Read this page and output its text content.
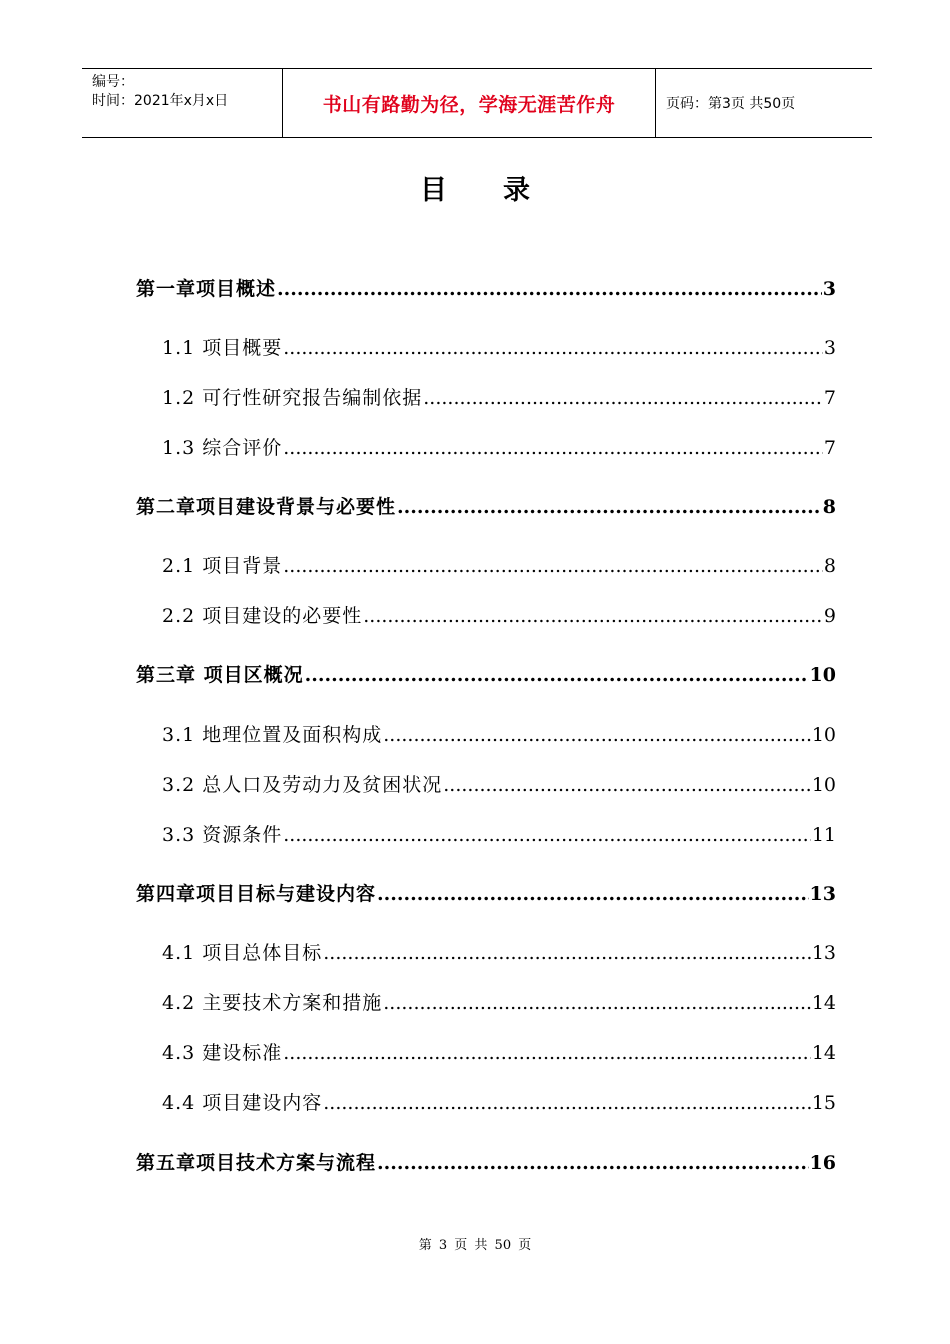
编号：
时间：2021年x月x日	书山有路勤为径，学海无涯苦作舟	页码：第3页 共50页
目录
第一章项目概述 .....	3
1.1 项目概要 .....	3
1.2 可行性研究报告编制依据 .....	7
1.3 综合评价 .....	7
第二章项目建设背景与必要性 .....	8
2.1 项目背景 .....	8
2.2 项目建设的必要性 .....	9
第三章 项目区概况 .....	10
3.1 地理位置及面积构成 .....	10
3.2 总人口及劳动力及贫困状况 .....	10
3.3 资源条件 .....	11
第四章项目目标与建设内容 .....	13
4.1 项目总体目标 .....	13
4.2 主要技术方案和措施 .....	14
4.3 建设标准 .....	14
4.4 项目建设内容 .....	15
第五章项目技术方案与流程 .....	16
第 3 页 共 50 页
